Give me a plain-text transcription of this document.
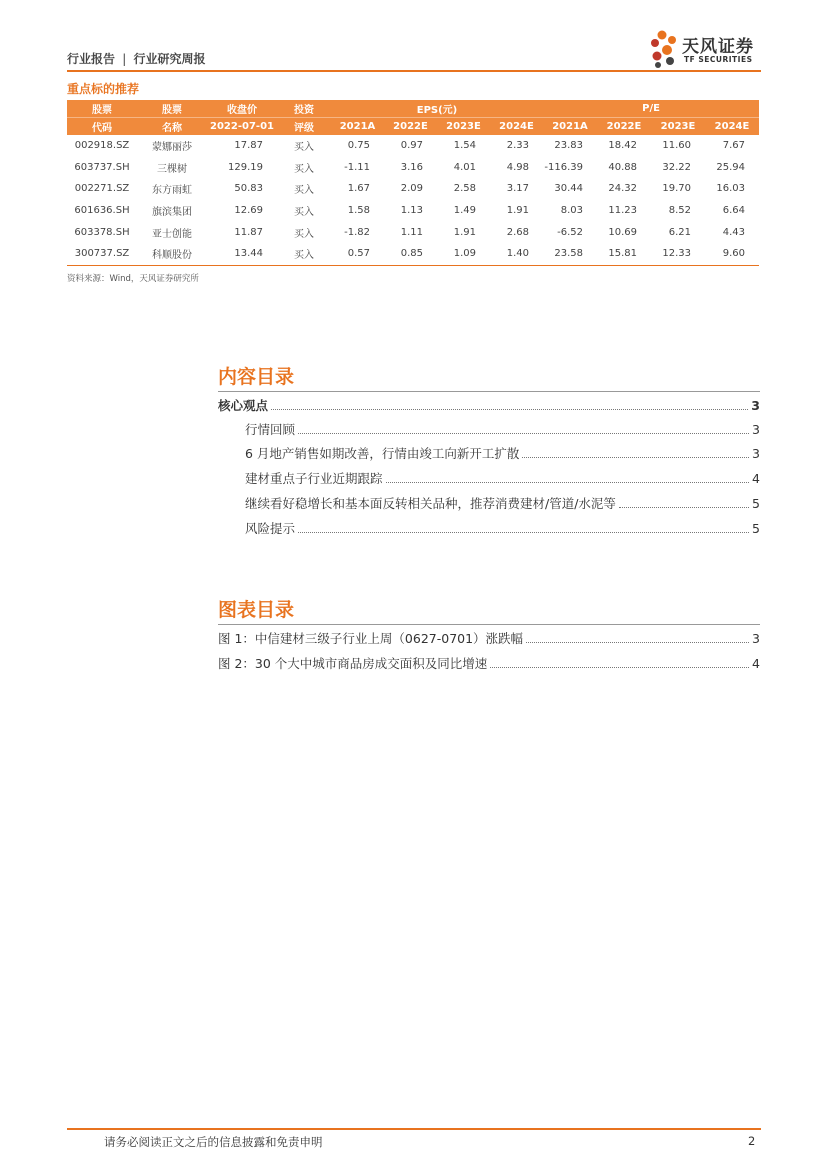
行业报告 | 行业研究周报
天风证券
TF SECURITIES
重点标的推荐
股票	股票	收盘价	投资	EPS(元)				P/E			
代码	名称	2022-07-01	评级	2021A	2022E	2023E	2024E	2021A	2022E	2023E	2024E
002918.SZ	蒙娜丽莎	17.87	买入	0.75	0.97	1.54	2.33	23.83	18.42	11.60	7.67
603737.SH	三棵树	129.19	买入	-1.11	3.16	4.01	4.98	-116.39	40.88	32.22	25.94
002271.SZ	东方雨虹	50.83	买入	1.67	2.09	2.58	3.17	30.44	24.32	19.70	16.03
601636.SH	旗滨集团	12.69	买入	1.58	1.13	1.49	1.91	8.03	11.23	8.52	6.64
603378.SH	亚士创能	11.87	买入	-1.82	1.11	1.91	2.68	-6.52	10.69	6.21	4.43
300737.SZ	科顺股份	13.44	买入	0.57	0.85	1.09	1.40	23.58	15.81	12.33	9.60
资料来源：Wind，天风证券研究所
内容目录
核心观点	3
行情回顾	3
6 月地产销售如期改善，行情由竣工向新开工扩散	3
建材重点子行业近期跟踪	4
继续看好稳增长和基本面反转相关品种，推荐消费建材/管道/水泥等	5
风险提示	5
图表目录
图 1：中信建材三级子行业上周（0627-0701）涨跌幅	3
图 2：30 个大中城市商品房成交面积及同比增速	4
请务必阅读正文之后的信息披露和免责申明	2
